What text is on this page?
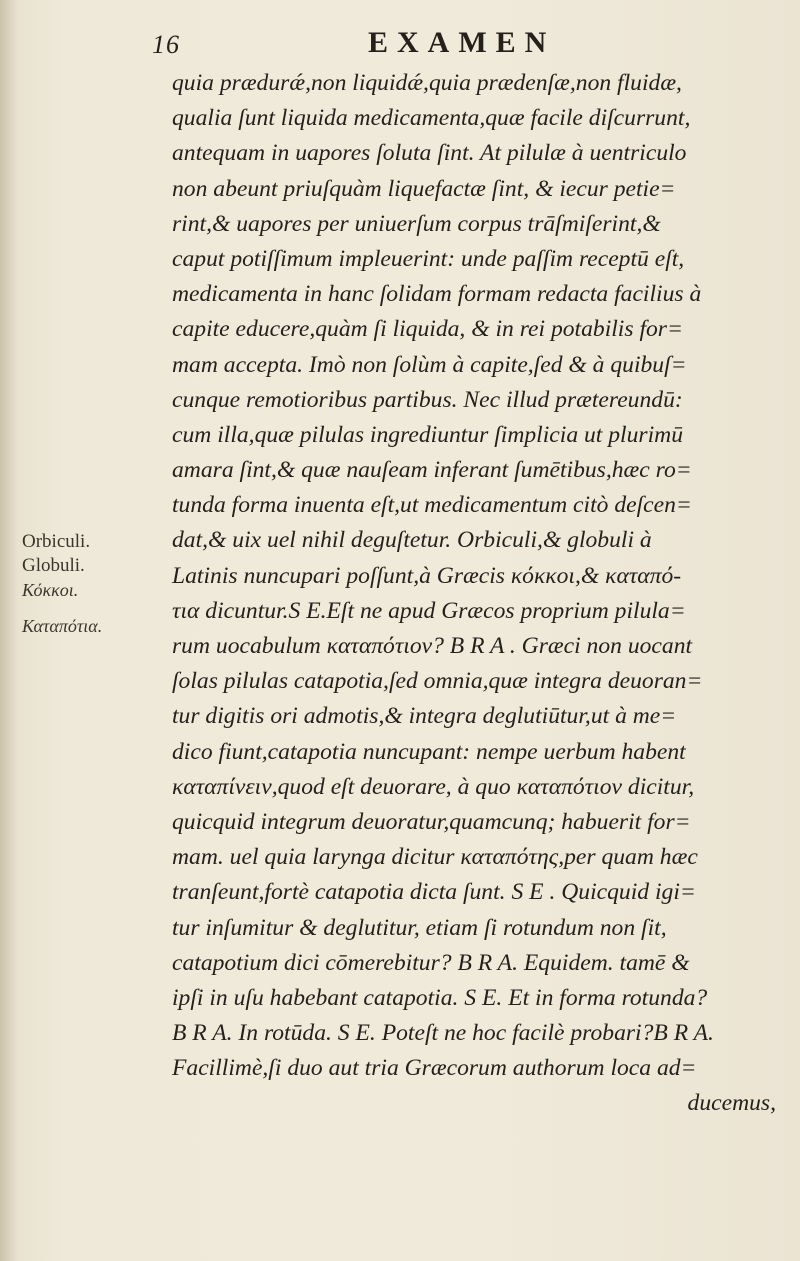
16	EXAMEN
Orbiculi.
Globuli.
Κόκκοι.
Καταπότια.
quia prædurǽ,non liquidǽ,quia prædenſæ,non fluidæ,
qualia ſunt liquida medicamenta,quæ facile diſcurrunt,
antequam in uapores ſoluta ſint. At pilulæ à uentriculo
non abeunt priuſquàm liquefactæ ſint, & iecur petie=
rint,& uapores per uniuerſum corpus trāſmiſerint,&
caput potiſſimum impleuerint: unde paſſim receptū eſt,
medicamenta in hanc ſolidam formam redacta facilius à
capite educere,quàm ſi liquida, & in rei potabilis for=
mam accepta. Imò non ſolùm à capite,ſed & à quibuſ=
cunque remotioribus partibus. Nec illud prætereundū:
cum illa,quæ pilulas ingrediuntur ſimplicia ut plurimū
amara ſint,& quæ nauſeam inferant ſumētibus,hæc ro=
tunda forma inuenta eſt,ut medicamentum citò deſcen=
dat,& uix uel nihil deguſtetur. Orbiculi,& globuli à
Latinis nuncupari poſſunt,à Græcis κόκκοι,& καταπό-
τια dicuntur.S E.Eſt ne apud Græcos proprium pilula=
rum uocabulum καταπότιον? B R A . Græci non uocant
ſolas pilulas catapotia,ſed omnia,quæ integra deuoran=
tur digitis ori admotis,& integra deglutiūtur,ut à me=
dico fiunt,catapotia nuncupant: nempe uerbum habent
καταπίνειν,quod eſt deuorare, à quo καταπότιον dicitur,
quicquid integrum deuoratur,quamcunq; habuerit for=
mam. uel quia larynga dicitur καταπότης,per quam hæc
tranſeunt,fortè catapotia dicta ſunt. S E . Quicquid igi=
tur inſumitur & deglutitur, etiam ſi rotundum non ſit,
catapotium dici cōmerebitur? B R A. Equidem. tamē &
ipſi in uſu habebant catapotia. S E. Et in forma rotunda?
B R A. In rotūda. S E. Poteſt ne hoc facilè probari?B R A.
Facillimè,ſi duo aut tria Græcorum authorum loca ad=
ducemus,
